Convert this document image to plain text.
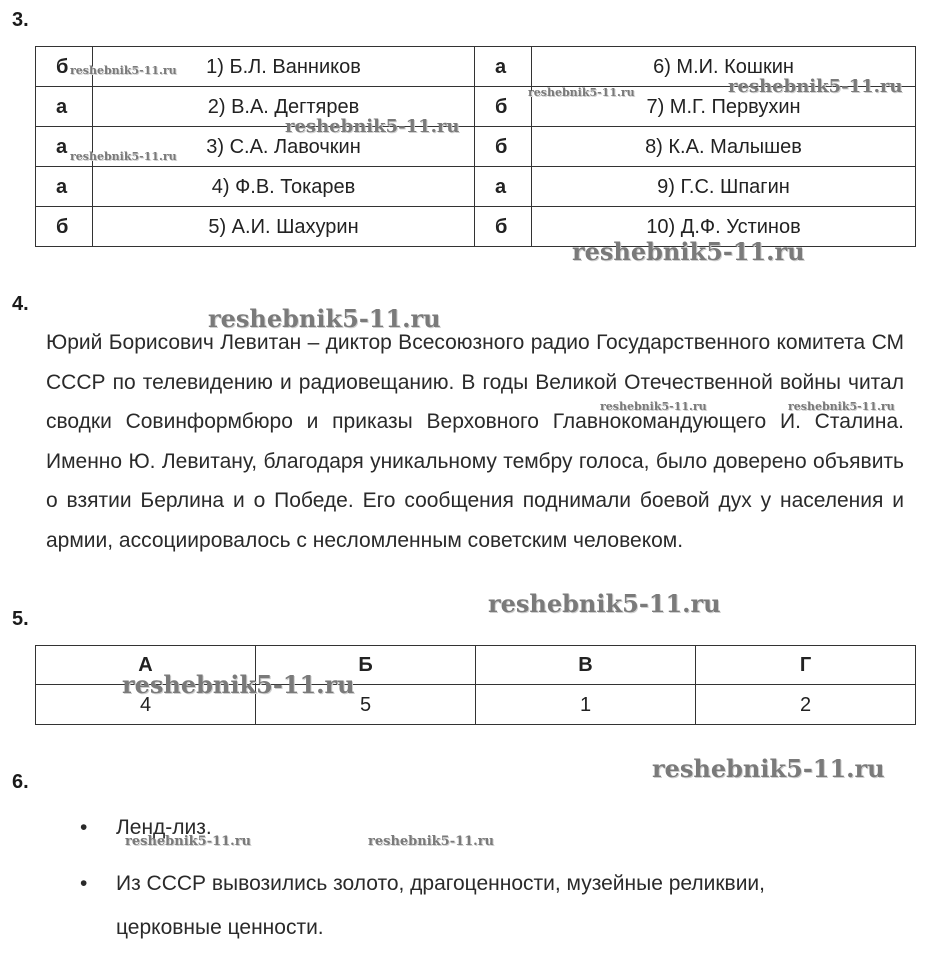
3.
б	1) Б.Л. Ванников	а	6) М.И. Кошкин
а	2) В.А. Дегтярев	б	7) М.Г. Первухин
а	3) С.А. Лавочкин	б	8) К.А. Малышев
а	4) Ф.В. Токарев	а	9) Г.С. Шпагин
б	5) А.И. Шахурин	б	10) Д.Ф. Устинов
4.
Юрий Борисович Левитан – диктор Всесоюзного радио Государственного комитета СМ СССР по телевидению и радиовещанию. В годы Великой Отечественной войны читал сводки Совинформбюро и приказы Верховного Главнокомандующего И. Сталина. Именно Ю. Левитану, благодаря уникальному тембру голоса, было доверено объявить о взятии Берлина и о Победе. Его сообщения поднимали боевой дух у населения и армии, ассоциировалось с несломленным советским человеком.
5.
А	Б	В	Г
4	5	1	2
6.
• Ленд-лиз.
• Из СССР вывозились золото, драгоценности, музейные реликвии, церковные ценности.
reshebnik5-11.ru
reshebnik5-11.ru
reshebnik5-11.ru
reshebnik5-11.ru
reshebnik5-11.ru
reshebnik5-11.ru
reshebnik5-11.ru
reshebnik5-11.ru	reshebnik5-11.ru
reshebnik5-11.ru
reshebnik5-11.ru
reshebnik5-11.ru
reshebnik5-11.ru	reshebnik5-11.ru
